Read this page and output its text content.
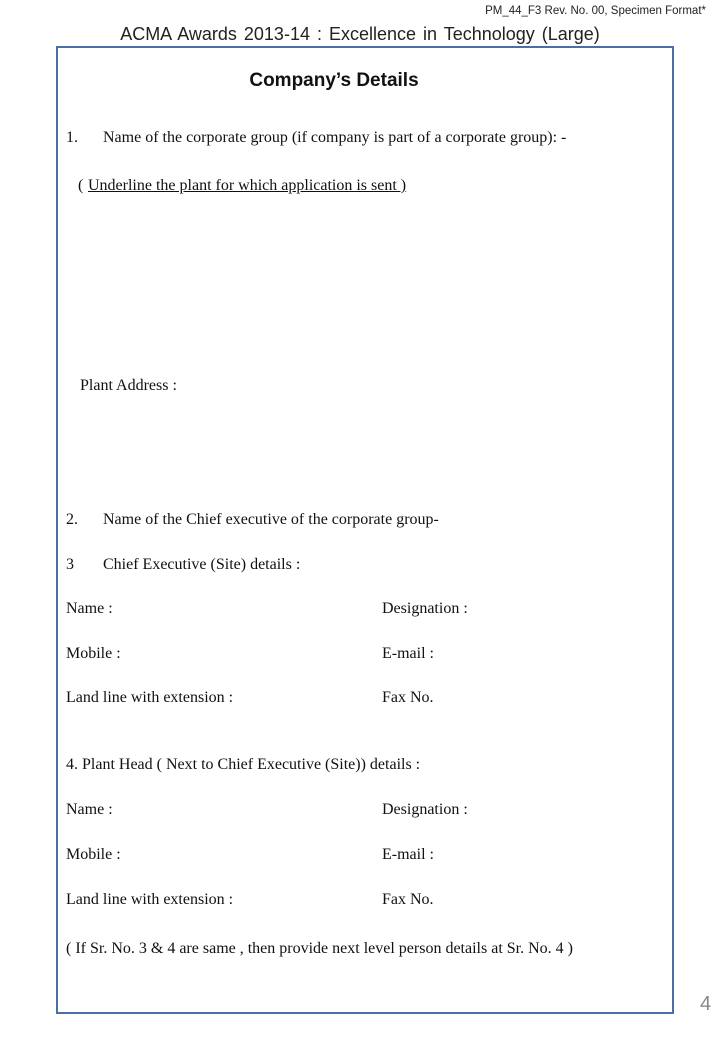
PM_44_F3 Rev. No. 00, Specimen Format*
ACMA Awards 2013-14 : Excellence in Technology (Large)
Company’s Details
1. Name of the corporate group (if company is part of a corporate group): -
( Underline the plant for which application is sent )
Plant Address :
2. Name of the Chief executive of the corporate group-
3 Chief Executive (Site) details :
Name :	Designation :
Mobile :	E-mail :
Land line with extension :	Fax No.
4. Plant Head ( Next to Chief Executive (Site)) details :
Name :	Designation :
Mobile :	E-mail :
Land line with extension :	Fax No.
( If Sr. No. 3 & 4 are same , then provide next level person details at Sr. No. 4 )
4
